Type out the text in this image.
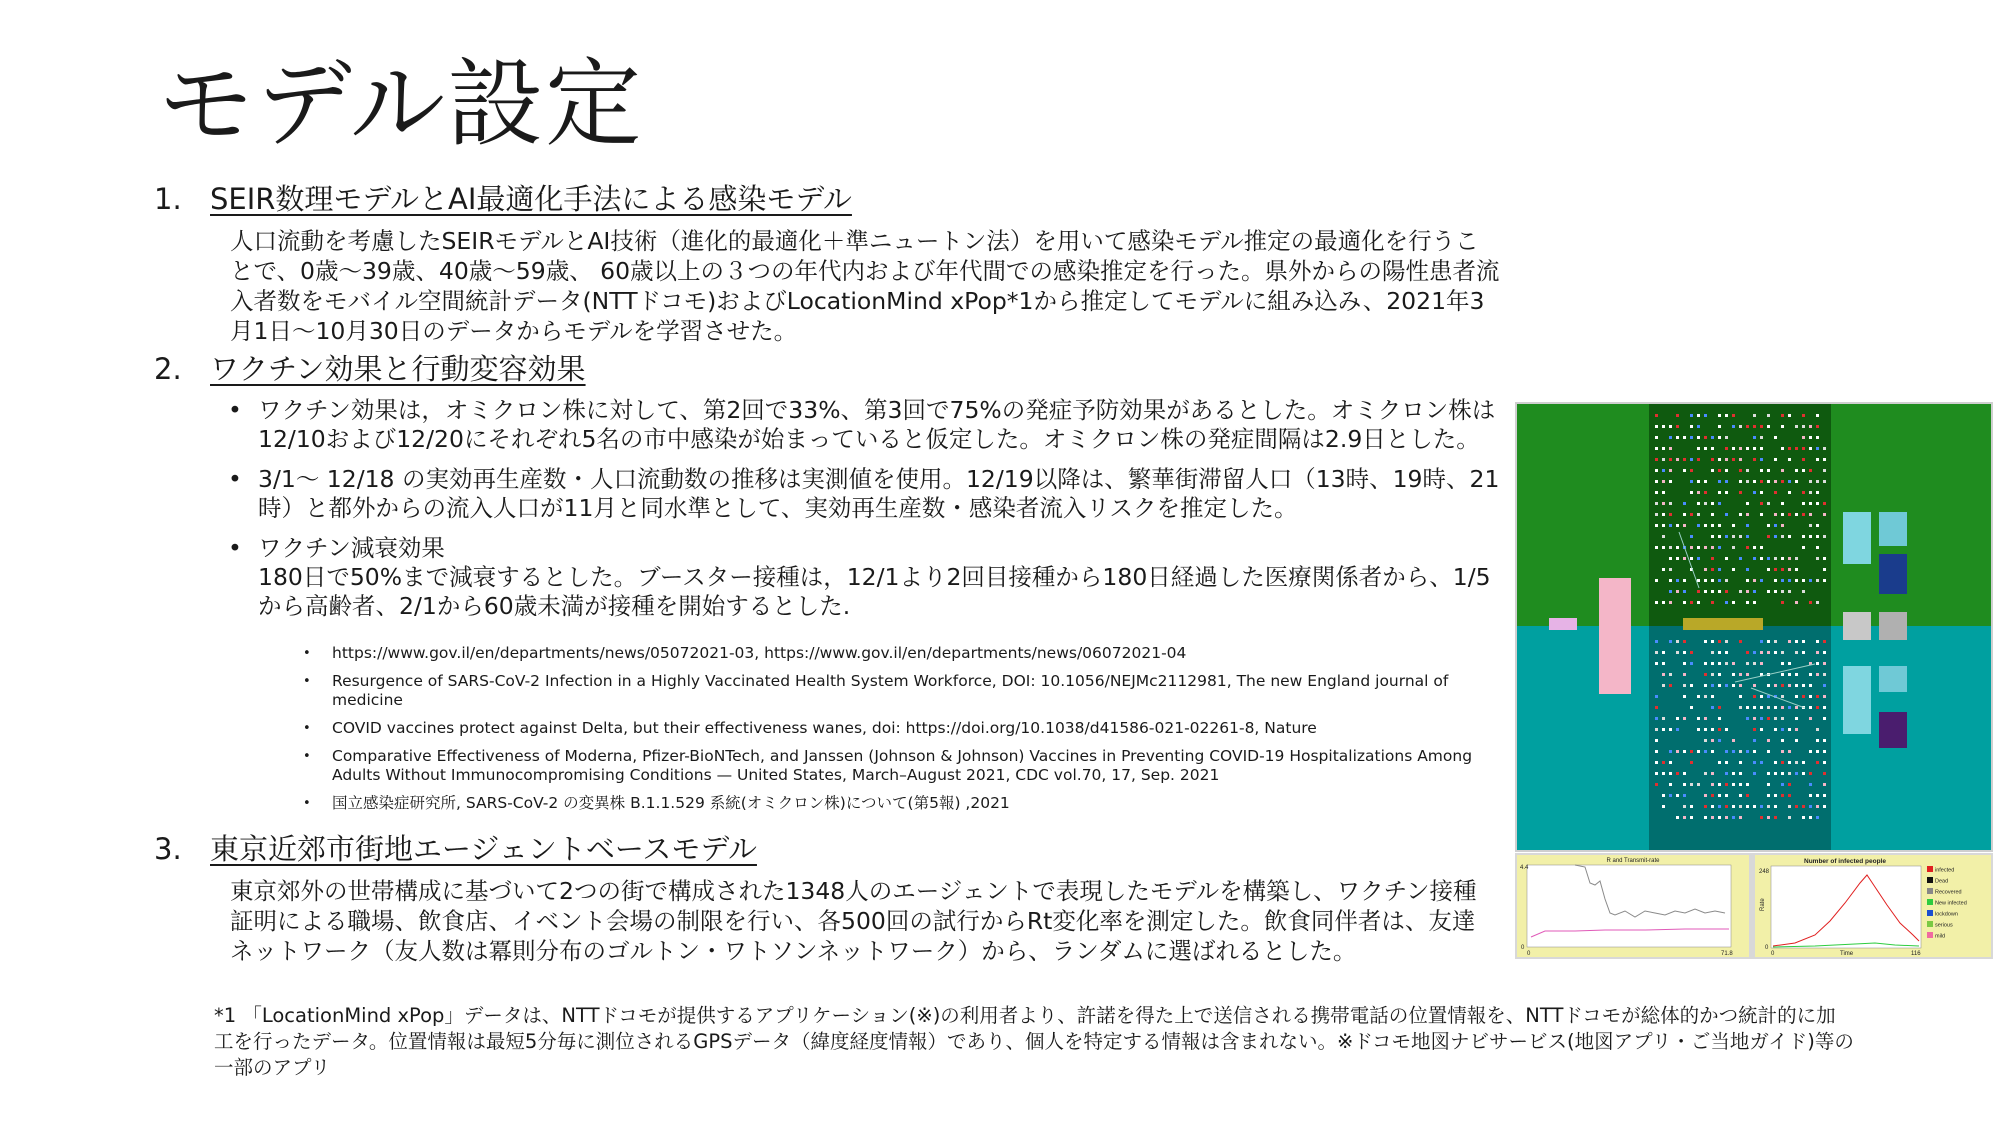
モデル設定
1. SEIR数理モデルとAI最適化手法による感染モデル
人口流動を考慮したSEIRモデルとAI技術（進化的最適化＋準ニュートン法）を用いて感染モデル推定の最適化を行うことで、0歳〜39歳、40歳〜59歳、 60歳以上の３つの年代内および年代間での感染推定を行った。県外からの陽性患者流入者数をモバイル空間統計データ(NTTドコモ)およびLocationMind xPop*1から推定してモデルに組み込み、2021年3月1日〜10月30日のデータからモデルを学習させた。
2. ワクチン効果と行動変容効果
• ワクチン効果は，オミクロン株に対して、第2回で33%、第3回で75%の発症予防効果があるとした。オミクロン株は12/10および12/20にそれぞれ5名の市中感染が始まっていると仮定した。オミクロン株の発症間隔は2.9日とした。
• 3/1〜 12/18 の実効再生産数・人口流動数の推移は実測値を使用。12/19以降は、繁華街滞留人口（13時、19時、21時）と都外からの流入人口が11月と同水準として、実効再生産数・感染者流入リスクを推定した。
• ワクチン減衰効果
180日で50%まで減衰するとした。ブースター接種は，12/1より2回目接種から180日経過した医療関係者から、1/5から高齢者、2/1から60歳未満が接種を開始するとした.
• https://www.gov.il/en/departments/news/05072021-03, https://www.gov.il/en/departments/news/06072021-04
• Resurgence of SARS-CoV-2 Infection in a Highly Vaccinated Health System Workforce, DOI: 10.1056/NEJMc2112981, The new England journal of medicine
• COVID vaccines protect against Delta, but their effectiveness wanes, doi: https://doi.org/10.1038/d41586-021-02261-8, Nature
• Comparative Effectiveness of Moderna, Pfizer-BioNTech, and Janssen (Johnson & Johnson) Vaccines in Preventing COVID-19 Hospitalizations Among Adults Without Immunocompromising Conditions — United States, March–August 2021, CDC vol.70, 17, Sep. 2021
• 国立感染症研究所, SARS-CoV-2 の変異株 B.1.1.529 系統(オミクロン株)について(第5報) ,2021
3. 東京近郊市街地エージェントベースモデル
東京郊外の世帯構成に基づいて2つの街で構成された1348人のエージェントで表現したモデルを構築し、ワクチン接種証明による職場、飲食店、イベント会場の制限を行い、各500回の試行からRt変化率を測定した。飲食同伴者は、友達ネットワーク（友人数は冪則分布のゴルトン・ワトソンネットワーク）から、ランダムに選ばれるとした。
*1 「LocationMind xPop」データは、NTTドコモが提供するアプリケーション(※)の利用者より、許諾を得た上で送信される携帯電話の位置情報を、NTTドコモが総体的かつ統計的に加工を行ったデータ。位置情報は最短5分毎に測位されるGPSデータ（緯度経度情報）であり、個人を特定する情報は含まれない。※ドコモ地図ナビサービス(地図アプリ・ご当地ガイド)等の一部のアプリ
R and Transmit-rate
4.4
0
0	71.8
Number of infected people
248
0
Rate
0	Time	116
infected
Dead
Recovered
New infected
lockdown
serious
mild
